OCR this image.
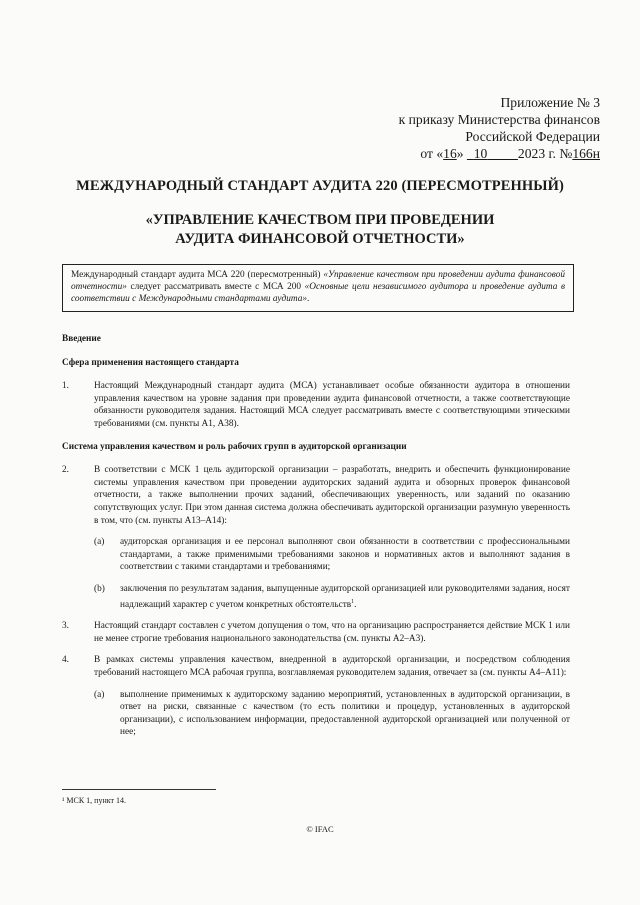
Приложение № 3
к приказу Министерства финансов
Российской Федерации
от «16» 10 2023 г. №166н
МЕЖДУНАРОДНЫЙ СТАНДАРТ АУДИТА 220 (ПЕРЕСМОТРЕННЫЙ)
«УПРАВЛЕНИЕ КАЧЕСТВОМ ПРИ ПРОВЕДЕНИИ
АУДИТА ФИНАНСОВОЙ ОТЧЕТНОСТИ»
Международный стандарт аудита МСА 220 (пересмотренный) «Управление качеством при проведении аудита финансовой отчетности» следует рассматривать вместе с МСА 200 «Основные цели независимого аудитора и проведение аудита в соответствии с Международными стандартами аудита».
Введение
Сфера применения настоящего стандарта
1.	Настоящий Международный стандарт аудита (МСА) устанавливает особые обязанности аудитора в отношении управления качеством на уровне задания при проведении аудита финансовой отчетности, а также соответствующие обязанности руководителя задания. Настоящий МСА следует рассматривать вместе с соответствующими этическими требованиями (см. пункты А1, А38).
Система управления качеством и роль рабочих групп в аудиторской организации
2.	В соответствии с МСК 1 цель аудиторской организации – разработать, внедрить и обеспечить функционирование системы управления качеством при проведении аудиторских заданий аудита и обзорных проверок финансовой отчетности, а также выполнении прочих заданий, обеспечивающих уверенность, или заданий по оказанию сопутствующих услуг. При этом данная система должна обеспечивать аудиторской организации разумную уверенность в том, что (см. пункты А13–А14):
(a)	аудиторская организация и ее персонал выполняют свои обязанности в соответствии с профессиональными стандартами, а также применимыми требованиями законов и нормативных актов и выполняют задания в соответствии с такими стандартами и требованиями;
(b)	заключения по результатам задания, выпущенные аудиторской организацией или руководителями задания, носят надлежащий характер с учетом конкретных обстоятельств$^1$.
3.	Настоящий стандарт составлен с учетом допущения о том, что на организацию распространяется действие МСК 1 или не менее строгие требования национального законодательства (см. пункты А2–А3).
4.	В рамках системы управления качеством, внедренной в аудиторской организации, и посредством соблюдения требований настоящего МСА рабочая группа, возглавляемая руководителем задания, отвечает за (см. пункты А4–А11):
(a)	выполнение применимых к аудиторскому заданию мероприятий, установленных в аудиторской организации, в ответ на риски, связанные с качеством (то есть политики и процедур, установленных в аудиторской организации), с использованием информации, предоставленной аудиторской организацией или полученной от нее;
¹ МСК 1, пункт 14.
© IFAC
